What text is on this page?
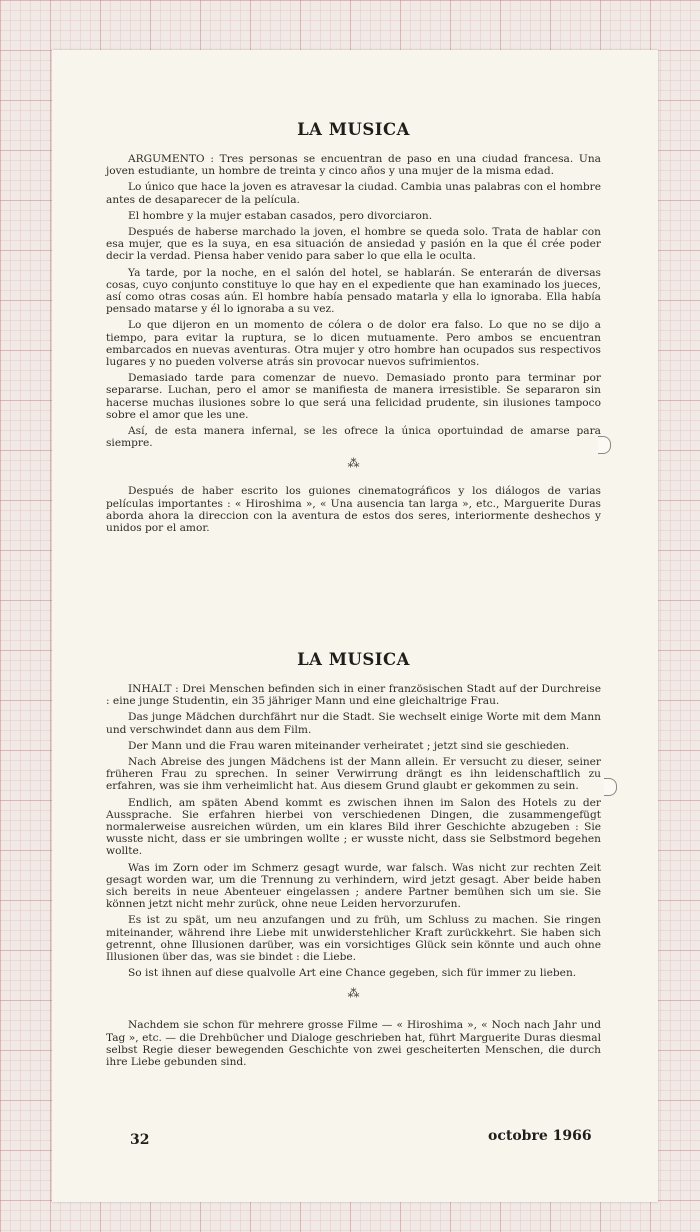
LA MUSICA

ARGUMENTO : Tres personas se encuentran de paso en una ciudad francesa. Una joven estudiante, un hombre de treinta y cinco años y una mujer de la misma edad.

Lo único que hace la joven es atravesar la ciudad. Cambia unas palabras con el hombre antes de desaparecer de la película.

El hombre y la mujer estaban casados, pero divorciaron.

Después de haberse marchado la joven, el hombre se queda solo. Trata de hablar con esa mujer, que es la suya, en esa situación de ansiedad y pasión en la que él crée poder decir la verdad. Piensa haber venido para saber lo que ella le oculta.

Ya tarde, por la noche, en el salón del hotel, se hablarán. Se enterarán de diversas cosas, cuyo conjunto constituye lo que hay en el expediente que han examinado los jueces, así como otras cosas aún. El hombre había pensado matarla y ella lo ignoraba. Ella había pensado matarse y él lo ignoraba a su vez.

Lo que dijeron en un momento de cólera o de dolor era falso. Lo que no se dijo a tiempo, para evitar la ruptura, se lo dicen mutuamente. Pero ambos se encuentran embarcados en nuevas aventuras. Otra mujer y otro hombre han ocupados sus respectivos lugares y no pueden volverse atrás sin provocar nuevos sufrimientos.

Demasiado tarde para comenzar de nuevo. Demasiado pronto para terminar por separarse. Luchan, pero el amor se manifiesta de manera irresistible. Se separaron sin hacerse muchas ilusiones sobre lo que será una felicidad prudente, sin ilusiones tampoco sobre el amor que les une.

Así, de esta manera infernal, se les ofrece la única oportuindad de amarse para siempre.

⁂

Después de haber escrito los guiones cinematográficos y los diálogos de varias películas importantes : « Hiroshima », « Una ausencia tan larga », etc., Marguerite Duras aborda ahora la direccion con la aventura de estos dos seres, interiormente deshechos y unidos por el amor.

LA MUSICA

INHALT : Drei Menschen befinden sich in einer französischen Stadt auf der Durchreise : eine junge Studentin, ein 35 jähriger Mann und eine gleichaltrige Frau.

Das junge Mädchen durchfährt nur die Stadt. Sie wechselt einige Worte mit dem Mann und verschwindet dann aus dem Film.

Der Mann und die Frau waren miteinander verheiratet ; jetzt sind sie geschieden.

Nach Abreise des jungen Mädchens ist der Mann allein. Er versucht zu dieser, seiner früheren Frau zu sprechen. In seiner Verwirrung drängt es ihn leidenschaftlich zu erfahren, was sie ihm verheimlicht hat. Aus diesem Grund glaubt er gekommen zu sein.

Endlich, am späten Abend kommt es zwischen ihnen im Salon des Hotels zu der Aussprache. Sie erfahren hierbei von verschiedenen Dingen, die zusammengefügt normalerweise ausreichen würden, um ein klares Bild ihrer Geschichte abzugeben : Sie wusste nicht, dass er sie umbringen wollte ; er wusste nicht, dass sie Selbstmord begehen wollte.

Was im Zorn oder im Schmerz gesagt wurde, war falsch. Was nicht zur rechten Zeit gesagt worden war, um die Trennung zu verhindern, wird jetzt gesagt. Aber beide haben sich bereits in neue Abenteuer eingelassen ; andere Partner bemühen sich um sie. Sie können jetzt nicht mehr zurück, ohne neue Leiden hervorzurufen.

Es ist zu spät, um neu anzufangen und zu früh, um Schluss zu machen. Sie ringen miteinander, während ihre Liebe mit unwiderstehlicher Kraft zurückkehrt. Sie haben sich getrennt, ohne Illusionen darüber, was ein vorsichtiges Glück sein könnte und auch ohne Illusionen über das, was sie bindet : die Liebe.

So ist ihnen auf diese qualvolle Art eine Chance gegeben, sich für immer zu lieben.

⁂

Nachdem sie schon für mehrere grosse Filme — « Hiroshima », « Noch nach Jahr und Tag », etc. — die Drehbücher und Dialoge geschrieben hat, führt Marguerite Duras diesmal selbst Regie dieser bewegenden Geschichte von zwei gescheiterten Menschen, die durch ihre Liebe gebunden sind.

32	octobre 1966
